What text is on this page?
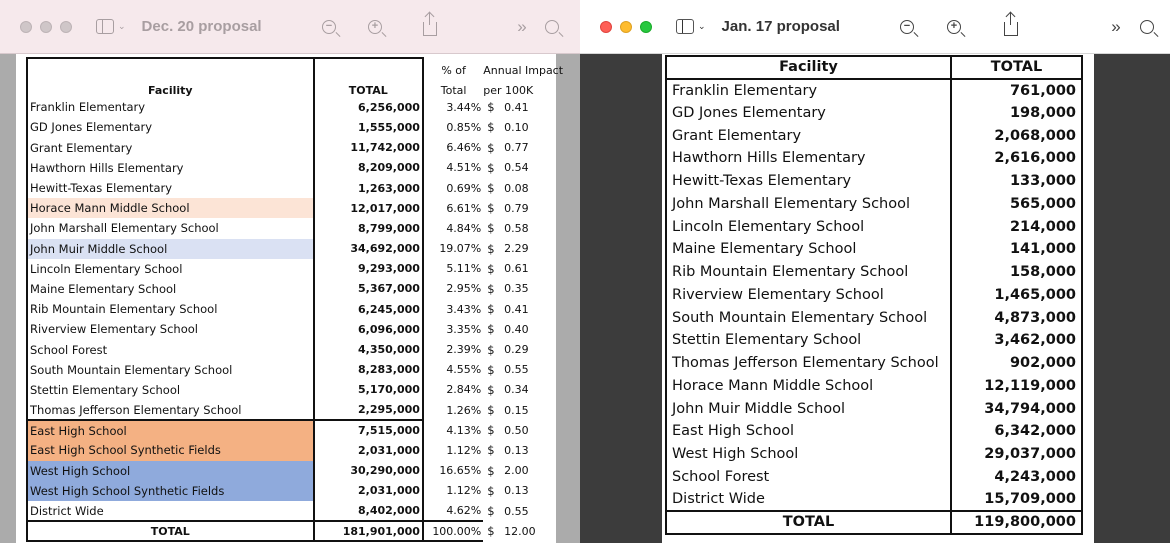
⌄ Dec. 20 proposal	−	+	»
		% of	Annual Impact	
Facility	TOTAL	Total	per 100K	
Franklin Elementary	6,256,000	3.44%	$	0.41
GD Jones Elementary	1,555,000	0.85%	$	0.10
Grant Elementary	11,742,000	6.46%	$	0.77
Hawthorn Hills Elementary	8,209,000	4.51%	$	0.54
Hewitt-Texas Elementary	1,263,000	0.69%	$	0.08
Horace Mann Middle School	12,017,000	6.61%	$	0.79
John Marshall Elementary School	8,799,000	4.84%	$	0.58
John Muir Middle School	34,692,000	19.07%	$	2.29
Lincoln Elementary School	9,293,000	5.11%	$	0.61
Maine Elementary School	5,367,000	2.95%	$	0.35
Rib Mountain Elementary School	6,245,000	3.43%	$	0.41
Riverview Elementary School	6,096,000	3.35%	$	0.40
School Forest	4,350,000	2.39%	$	0.29
South Mountain Elementary School	8,283,000	4.55%	$	0.55
Stettin Elementary School	5,170,000	2.84%	$	0.34
Thomas Jefferson Elementary School	2,295,000	1.26%	$	0.15
East High School	7,515,000	4.13%	$	0.50
East High School Synthetic Fields	2,031,000	1.12%	$	0.13
West High School	30,290,000	16.65%	$	2.00
West High School Synthetic Fields	2,031,000	1.12%	$	0.13
District Wide	8,402,000	4.62%	$	0.55
TOTAL	181,901,000	100.00%	$	12.00
⌄ Jan. 17 proposal	−	+	»
Facility	TOTAL
Franklin Elementary	761,000
GD Jones Elementary	198,000
Grant Elementary	2,068,000
Hawthorn Hills Elementary	2,616,000
Hewitt-Texas Elementary	133,000
John Marshall Elementary School	565,000
Lincoln Elementary School	214,000
Maine Elementary School	141,000
Rib Mountain Elementary School	158,000
Riverview Elementary School	1,465,000
South Mountain Elementary School	4,873,000
Stettin Elementary School	3,462,000
Thomas Jefferson Elementary School	902,000
Horace Mann Middle School	12,119,000
John Muir Middle School	34,794,000
East High School	6,342,000
West High School	29,037,000
School Forest	4,243,000
District Wide	15,709,000
TOTAL	119,800,000
